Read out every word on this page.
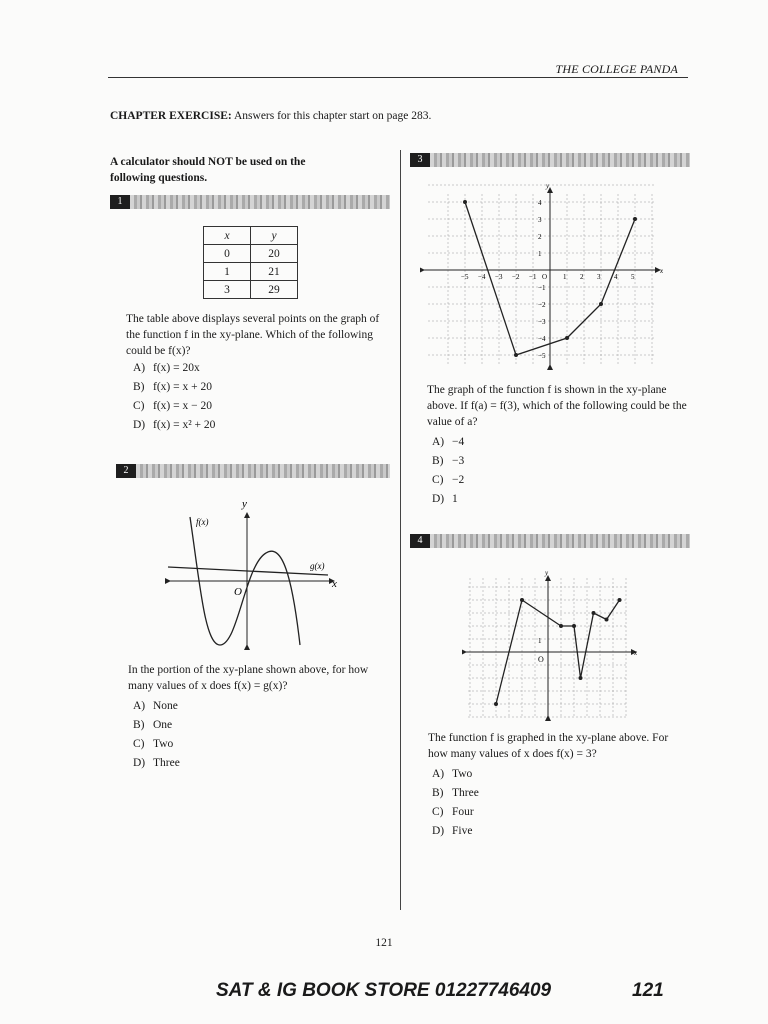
THE COLLEGE PANDA
CHAPTER EXERCISE: Answers for this chapter start on page 283.
A calculator should NOT be used on the following questions.
1
x	y
0	20
1	21
3	29
The table above displays several points on the graph of the function f in the xy-plane. Which of the following could be f(x)?
A) f(x) = 20x
B) f(x) = x + 20
C) f(x) = x − 20
D) f(x) = x² + 20
2
y
x
O
g(x)
f(x)
In the portion of the xy-plane shown above, for how many values of x does f(x) = g(x)?
A) None
B) One
C) Two
D) Three
3
y
x
O
−5 −4 −3 −2 −1	1 2 3 4 5
4
3
2
1
−1
−2
−3
−4
−5
The graph of the function f is shown in the xy-plane above. If f(a) = f(3), which of the following could be the value of a?
A) −4
B) −3
C) −2
D) 1
4
y
x
O
1
The function f is graphed in the xy-plane above. For how many values of x does f(x) = 3?
A) Two
B) Three
C) Four
D) Five
121
SAT & IG BOOK STORE 01227746409	121
